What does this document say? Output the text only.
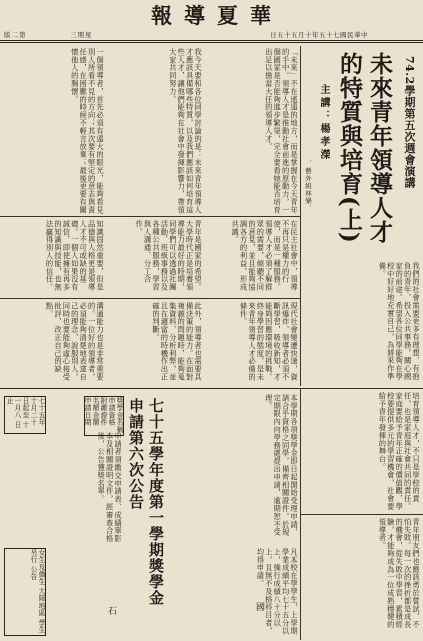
華夏導報
版二第	三期星	日五十五月十年五十七國民華中
74.2學期第五次週會演講
未來青年領導人才的特質與培育(上)
主講：楊孝濚
．藝外組林樂．
「未來」不在遙遠的地方，而是掌握在今天青年的手中。領導人才是推動社會前進的原動力，一個國家是否能夠進步繁榮，完全要看她能否培育出足以擔當大任的領導人才。
我今天要和各位同學討論的是：未來青年領導人才應該具備哪些特質，以及我們應該如何培育這些人才，讓他們能夠在社會中發揮影響力，帶領大家共同努力。
一個領導者，首先必須有遠大的眼光，能夠看見別人所看不見的方向；其次要有堅定的意志與責任感，在困難的時候不輕言放棄；最後更要有關懷他人的胸懷。
在民主社會中，領導不再只是權力的行使，而是一種服務。領導人才必須了解群眾的需要，傾聽不同的意見，並且能夠協調各方的利益，形成共識。
青年是國家的希望。大學時代正是培養領導能力最好的時期，同學們可以透過社團活動、班級事務以及各種公共服務，學習與人溝通、分工合作。
知識固然重要，但是品德與人格更是領導人才不可或缺的基礎。一個人如果沒有誠信，即使擁有再多的知識與技能，也無法贏得別人的信任。
現代社會變遷快速，資訊爆炸，領導者必須不斷學習，吸收新知，才能夠因應環境的挑戰。終身學習的態度，是未來青年領導人才必備的條件。
此外，領導者也需要具備決策的能力。在面對複雜的問題時，能夠蒐集資料、分析利弊，並且在適當的時機作出正確的判斷。
溝通能力也是非常重要的。一位好的領導者，必須能夠清楚地表達自己的理念，說服別人，同時也要能夠虛心接受批評，改正自己的缺點。	我們的社會需要更多有理想、有抱負的青年，投入公共事務，關心國家的前途。希望各位同學能夠在學校中好好地充實自己，為將來作準備。
培育領導人才，不只是學校的責任，也是家庭與社會共同的責任。家庭要給予青年正確的價值觀，學校要提供多元的學習機會，社會要給予青年發揮的舞台。
青年朋友們也應該勇於嘗試，不怕失敗。每一次的挫折都是成長的機會，從失敗中學習，累積經驗，才能夠成為一位成熟穩健的領導者。
七十五學年度第一學期獎學金申請第六次公告	本學期各項獎學金即日起開始受理申請，請合乎資格之同學，備齊相關證件，於規定期限內向學務處提出申請，逾期恕不受理。
凡本校在學學生，上學期學業成績平均七十五分以上，操行成績八十分以上，且無不及格科目者，均得申請。
申請者須繳交申請表、成績單影本及相關證明文件，經審查合格後，公告獲獎名單。
獎學金名稱 申請資格 附繳證件 名額金額 申請日期
七十五年 十月二十 日起至 十一月八 日止
女生及僑生 大陸地區 學生另行 公告
國
石
